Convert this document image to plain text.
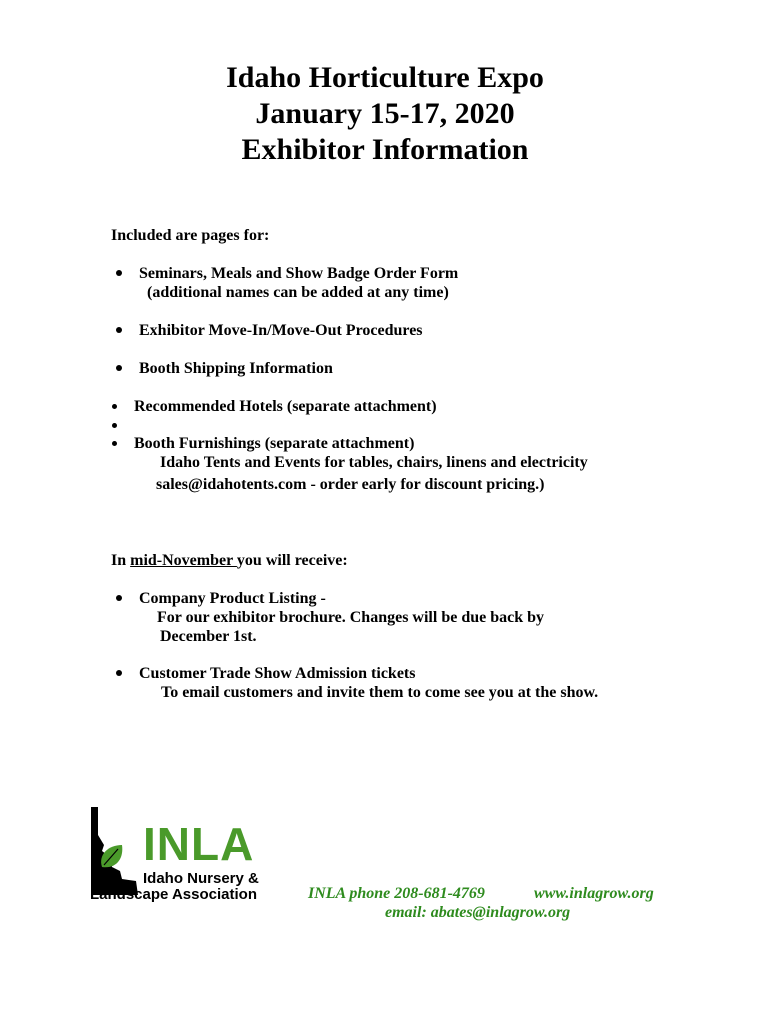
Idaho Horticulture Expo
January 15-17, 2020
Exhibitor Information
Included are pages for:
Seminars, Meals and Show Badge Order Form
(additional names can be added at any time)
Exhibitor Move-In/Move-Out Procedures
Booth Shipping Information
Recommended Hotels (separate attachment)
Booth Furnishings (separate attachment)
Idaho Tents and Events for tables, chairs, linens and electricity
sales@idahotents.com - order early for discount pricing.)
In mid-November you will receive:
Company Product Listing -
For our exhibitor brochure. Changes will be due back by
December 1st.
Customer Trade Show Admission tickets
To email customers and invite them to come see you at the show.
INLA
Idaho Nursery &
Landscape Association	INLA phone 208-681-4769	www.inlagrow.org
email: abates@inlagrow.org
